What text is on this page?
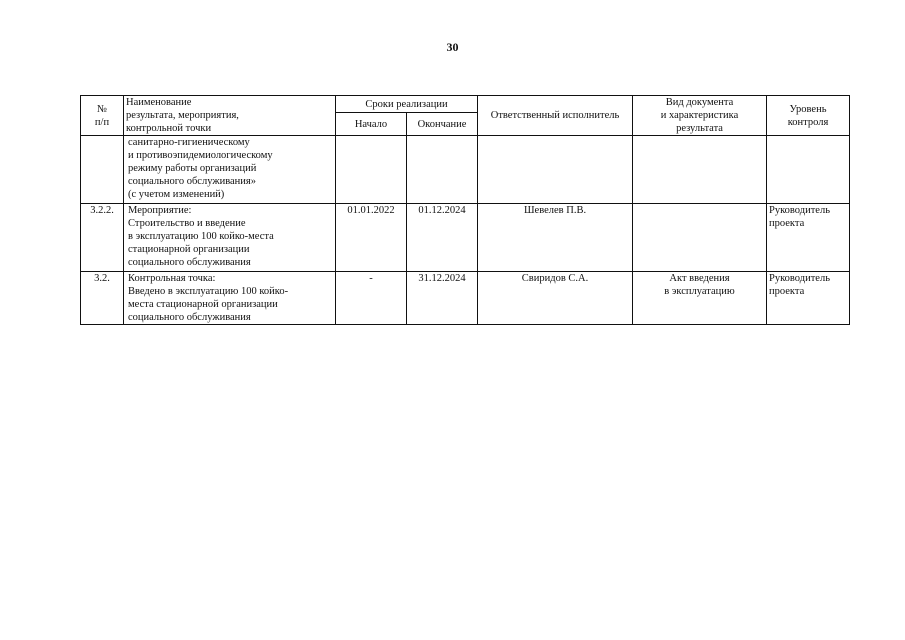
30
№
п/п	Наименование
результата, мероприятия,
контрольной точки	Сроки реализации		Ответственный исполнитель	Вид документа
и характеристика
результата	Уровень
контроля
		Начало	Окончание			
	санитарно-гигиеническому
и противоэпидемиологическому
режиму работы организаций
социального обслуживания»
(с учетом изменений)					
3.2.2.	Мероприятие:
Строительство и введение
в эксплуатацию 100 койко-места
стационарной организации
социального обслуживания	01.01.2022	01.12.2024	Шевелев П.В.		Руководитель
проекта
3.2.	Контрольная точка:
Введено в эксплуатацию 100 койко-
места стационарной организации
социального обслуживания	-	31.12.2024	Свиридов С.А.	Акт введения
в эксплуатацию	Руководитель
проекта
